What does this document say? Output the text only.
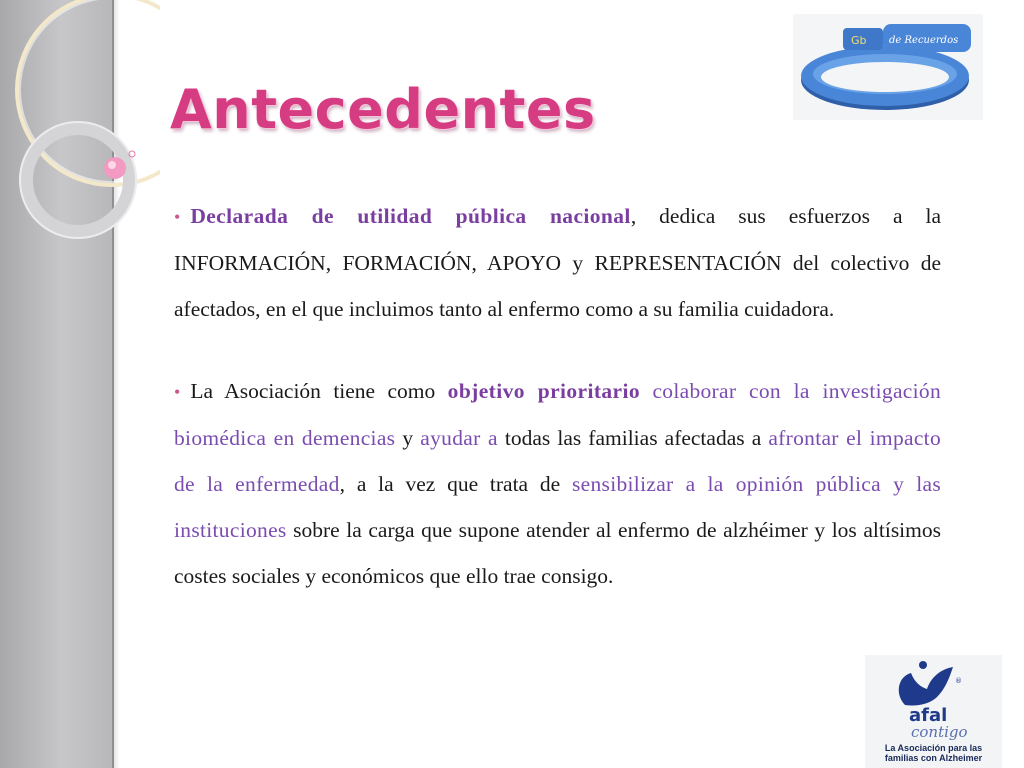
Antecedentes
Gb de Recuerdos

• Declarada de utilidad pública nacional, dedica sus esfuerzos a la INFORMACIÓN, FORMACIÓN, APOYO y REPRESENTACIÓN del colectivo de afectados, en el que incluimos tanto al enfermo como a su familia cuidadora.

• La Asociación tiene como objetivo prioritario colaborar con la investigación biomédica en demencias y ayudar a todas las familias afectadas a afrontar el impacto de la enfermedad, a la vez que trata de sensibilizar a la opinión pública y las instituciones sobre la carga que supone atender al enfermo de alzhéimer y los altísimos costes sociales y económicos que ello trae consigo.

afal
®
contigo
La Asociación para las
familias con Alzheimer
